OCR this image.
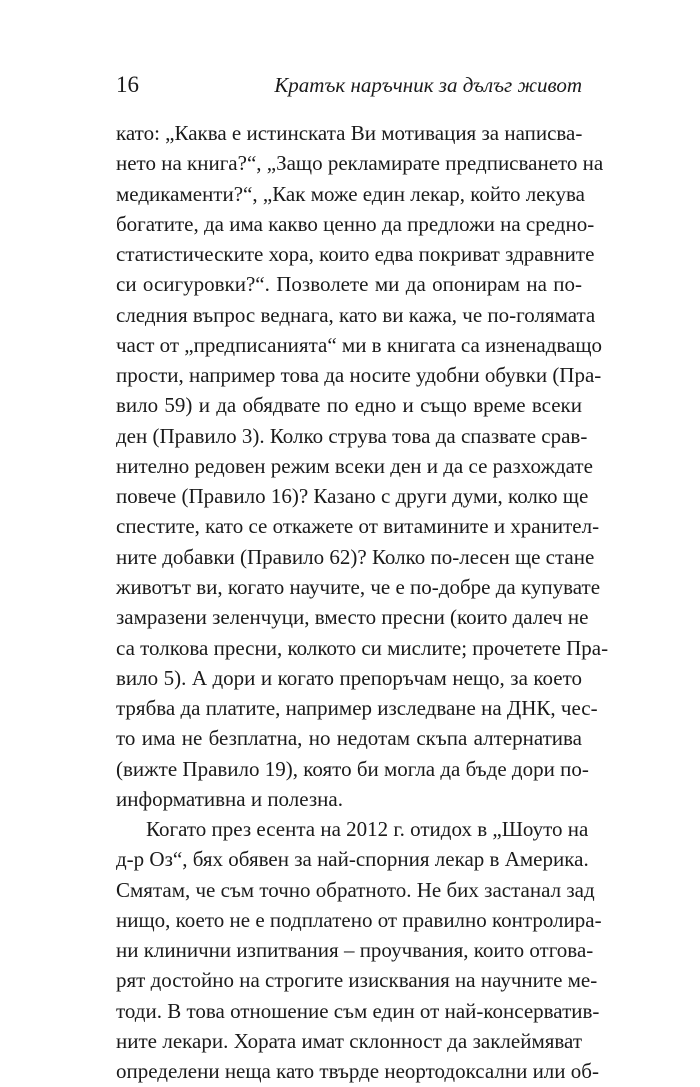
16	Кратък наръчник за дълъг живот
като: „Каква е истинската Ви мотивация за написва-
нето на книга?“, „Защо рекламирате предписването на
медикаменти?“, „Как може един лекар, който лекува
богатите, да има какво ценно да предложи на средно-
статистическите хора, които едва покриват здравните
си осигуровки?“. Позволете ми да опонирам на по-
следния въпрос веднага, като ви кажа, че по-голямата
част от „предписанията“ ми в книгата са изненадващо
прости, например това да носите удобни обувки (Пра-
вило 59) и да обядвате по едно и също време всеки
ден (Правило 3). Колко струва това да спазвате срав-
нително редовен режим всеки ден и да се разхождате
повече (Правило 16)? Казано с други думи, колко ще
спестите, като се откажете от витамините и хранител-
ните добавки (Правило 62)? Колко по-лесен ще стане
животът ви, когато научите, че е по-добре да купувате
замразени зеленчуци, вместо пресни (които далеч не
са толкова пресни, колкото си мислите; прочетете Пра-
вило 5). А дори и когато препоръчам нещо, за което
трябва да платите, например изследване на ДНК, чес-
то има не безплатна, но недотам скъпа алтернатива
(вижте Правило 19), която би могла да бъде дори по-
информативна и полезна.
Когато през есента на 2012 г. отидох в „Шоуто на
д-р Оз“, бях обявен за най-спорния лекар в Америка.
Смятам, че съм точно обратното. Не бих застанал зад
нищо, което не е подплатено от правилно контролира-
ни клинични изпитвания – проучвания, които отгова-
рят достойно на строгите изисквания на научните ме-
тоди. В това отношение съм един от най-консерватив-
ните лекари. Хората имат склонност да заклеймяват
определени неща като твърде неортодоксални или об-
